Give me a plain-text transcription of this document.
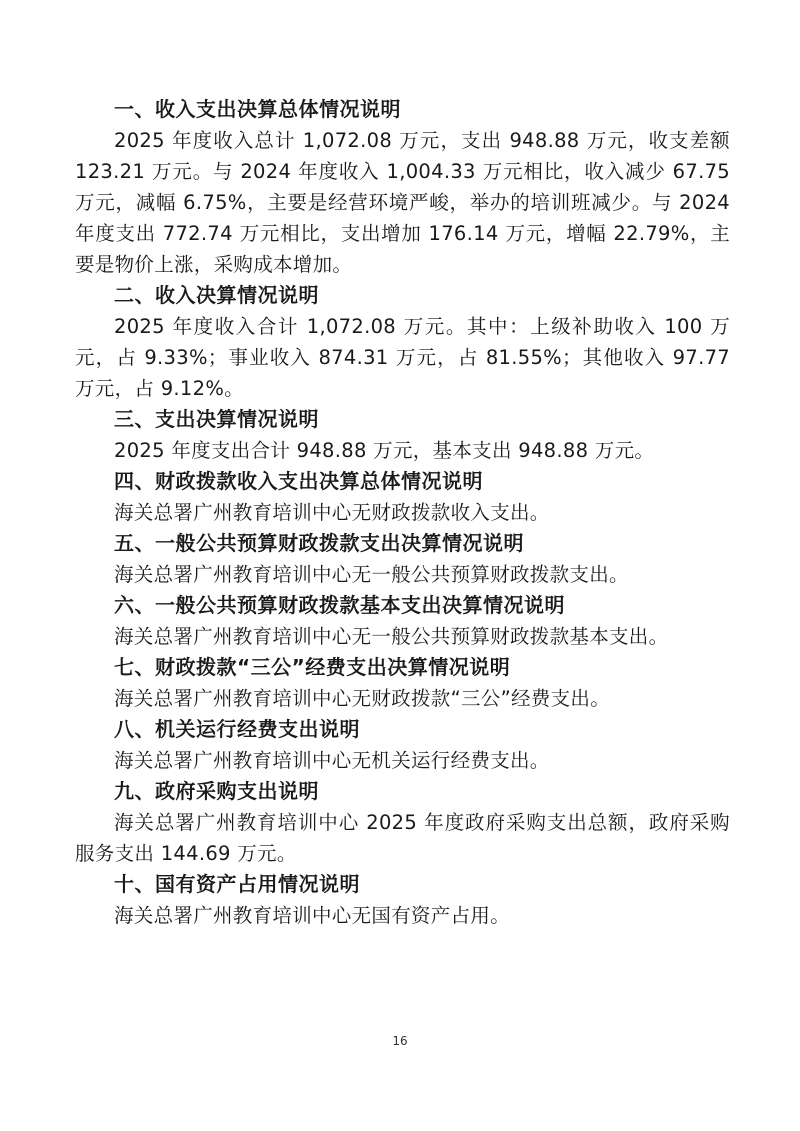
一、收入支出决算总体情况说明

2025 年度收入总计 1,072.08 万元，支出 948.88 万元，收支差额 123.21 万元。与 2024 年度收入 1,004.33 万元相比，收入减少 67.75 万元，减幅 6.75%，主要是经营环境严峻，举办的培训班减少。与 2024 年度支出 772.74 万元相比，支出增加 176.14 万元，增幅 22.79%，主要是物价上涨，采购成本增加。

二、收入决算情况说明

2025 年度收入合计 1,072.08 万元。其中：上级补助收入 100 万元，占 9.33%；事业收入 874.31 万元，占 81.55%；其他收入 97.77 万元，占 9.12%。

三、支出决算情况说明

2025 年度支出合计 948.88 万元，基本支出 948.88 万元。

四、财政拨款收入支出决算总体情况说明

海关总署广州教育培训中心无财政拨款收入支出。

五、一般公共预算财政拨款支出决算情况说明

海关总署广州教育培训中心无一般公共预算财政拨款支出。

六、一般公共预算财政拨款基本支出决算情况说明

海关总署广州教育培训中心无一般公共预算财政拨款基本支出。

七、财政拨款“三公”经费支出决算情况说明

海关总署广州教育培训中心无财政拨款“三公”经费支出。

八、机关运行经费支出说明

海关总署广州教育培训中心无机关运行经费支出。

九、政府采购支出说明

海关总署广州教育培训中心 2025 年度政府采购支出总额，政府采购服务支出 144.69 万元。

十、国有资产占用情况说明

海关总署广州教育培训中心无国有资产占用。

16
